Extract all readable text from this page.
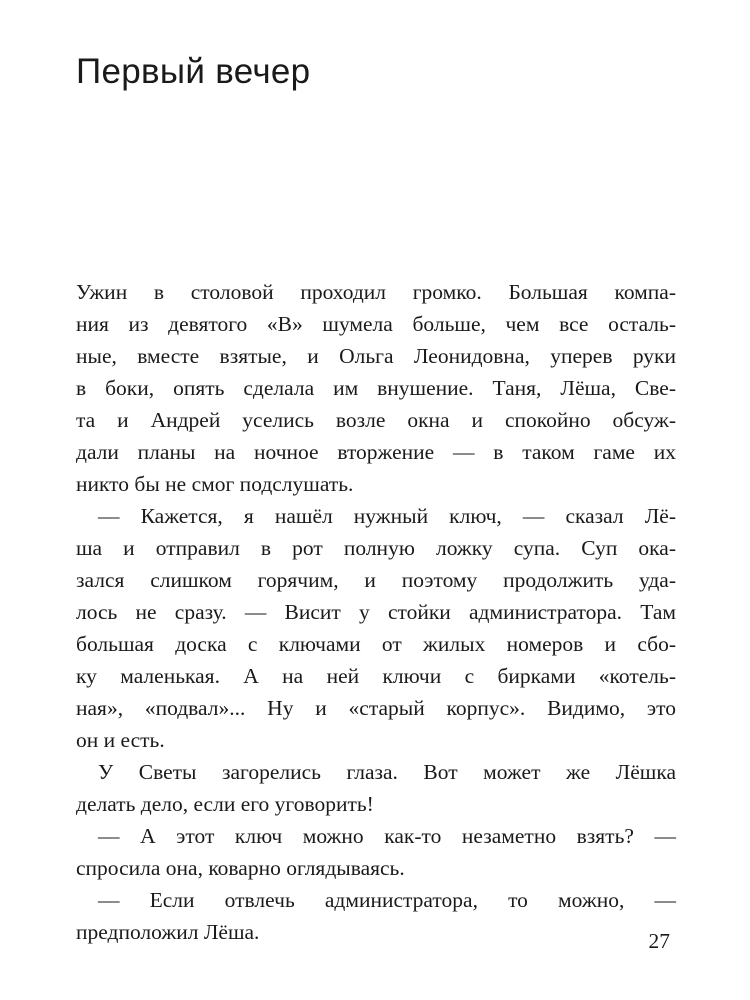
Первый вечер
Ужин в столовой проходил громко. Большая компа-
ния из девятого «В» шумела больше, чем все осталь-
ные, вместе взятые, и Ольга Леонидовна, уперев руки
в боки, опять сделала им внушение. Таня, Лёша, Све-
та и Андрей уселись возле окна и спокойно обсуж-
дали планы на ночное вторжение — в таком гаме их
никто бы не смог подслушать.
— Кажется, я нашёл нужный ключ, — сказал Лё-
ша и отправил в рот полную ложку супа. Суп ока-
зался слишком горячим, и поэтому продолжить уда-
лось не сразу. — Висит у стойки администратора. Там
большая доска с ключами от жилых номеров и сбо-
ку маленькая. А на ней ключи с бирками «котель-
ная», «подвал»... Ну и «старый корпус». Видимо, это
он и есть.
У Светы загорелись глаза. Вот может же Лёшка
делать дело, если его уговорить!
— А этот ключ можно как-то незаметно взять? —
спросила она, коварно оглядываясь.
— Если отвлечь администратора, то можно, —
предположил Лёша.	27
